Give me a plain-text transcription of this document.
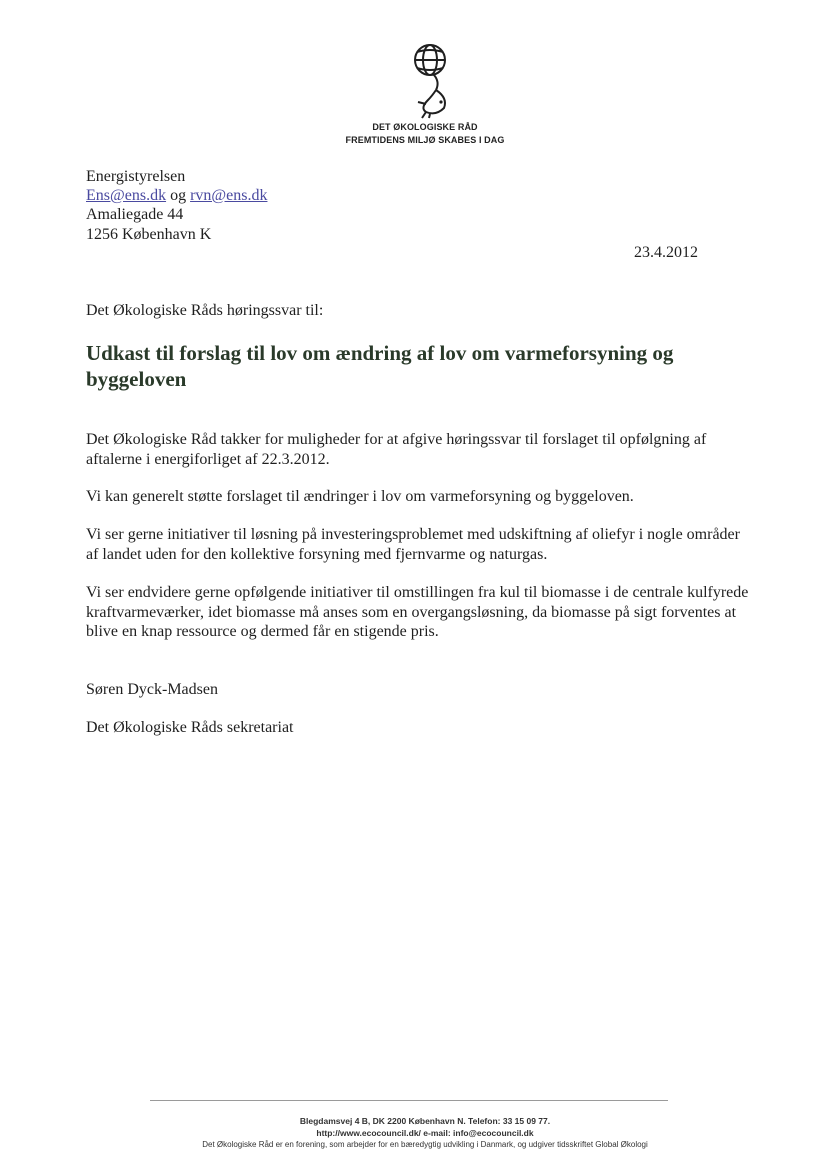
DET ØKOLOGISKE RÅD
FREMTIDENS MILJØ SKABES I DAG
Energistyrelsen
Ens@ens.dk og rvn@ens.dk
Amaliegade 44
1256 København K
23.4.2012
Det Økologiske Råds høringssvar til:
Udkast til forslag til lov om ændring af lov om varmeforsyning og byggeloven

Det Økologiske Råd takker for muligheder for at afgive høringssvar til forslaget til opfølgning af aftalerne i energiforliget af 22.3.2012.

Vi kan generelt støtte forslaget til ændringer i lov om varmeforsyning og byggeloven.

Vi ser gerne initiativer til løsning på investeringsproblemet med udskiftning af oliefyr i nogle områder af landet uden for den kollektive forsyning med fjernvarme og naturgas.

Vi ser endvidere gerne opfølgende initiativer til omstillingen fra kul til biomasse i de centrale kulfyrede kraftvarmeværker, idet biomasse må anses som en overgangsløsning, da biomasse på sigt forventes at blive en knap ressource og dermed får en stigende pris.

Søren Dyck-Madsen
Det Økologiske Råds sekretariat
Blegdamsvej 4 B, DK 2200 København N. Telefon: 33 15 09 77.
http://www.ecocouncil.dk/ e-mail: info@ecocouncil.dk
Det Økologiske Råd er en forening, som arbejder for en bæredygtig udvikling i Danmark, og udgiver tidsskriftet Global Økologi
